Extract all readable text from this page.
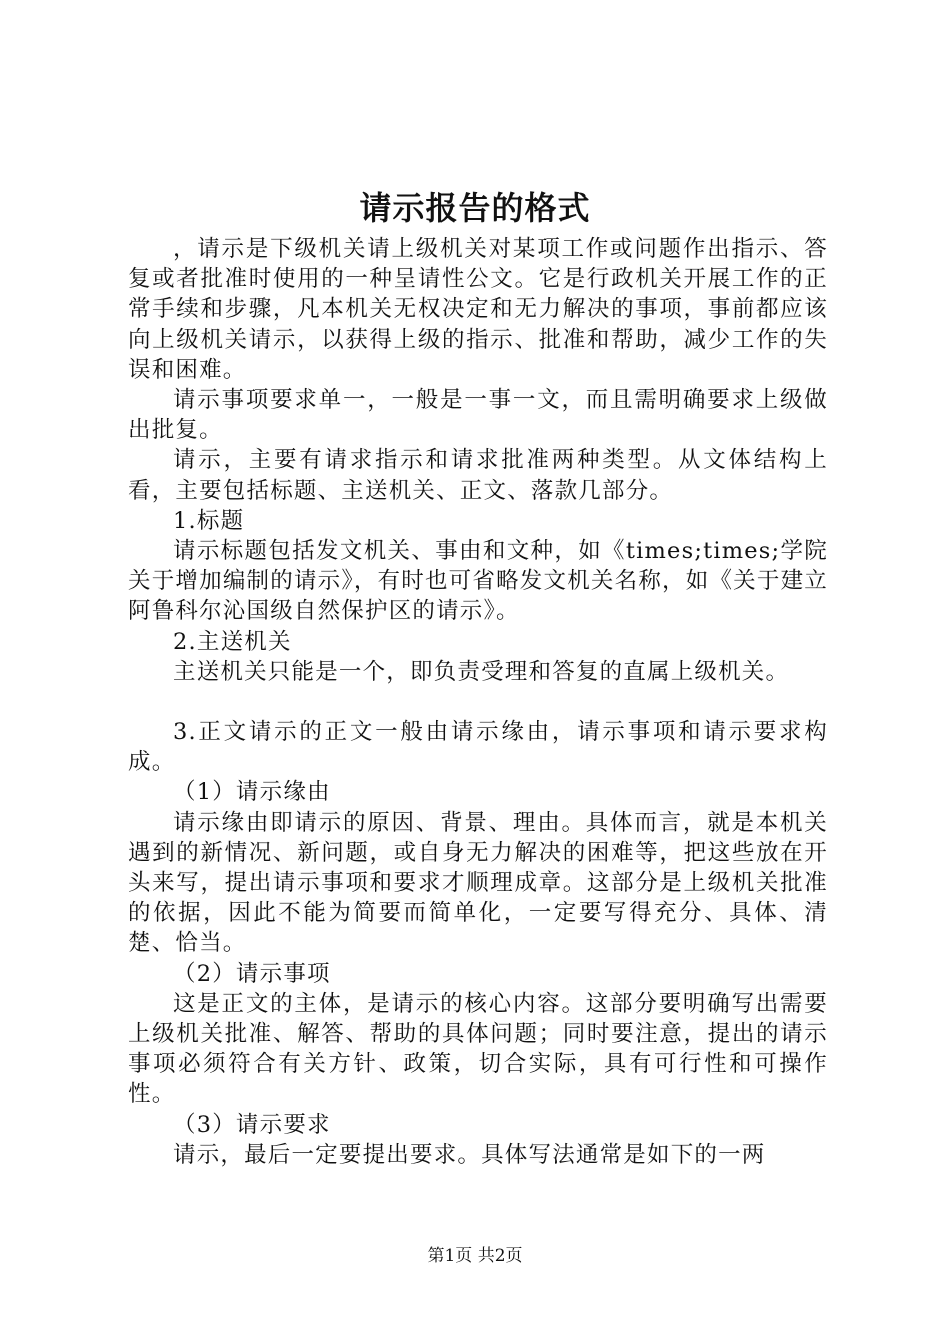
请示报告的格式

，请示是下级机关请上级机关对某项工作或问题作出指示、答复或者批准时使用的一种呈请性公文。它是行政机关开展工作的正常手续和步骤，凡本机关无权决定和无力解决的事项，事前都应该向上级机关请示，以获得上级的指示、批准和帮助，减少工作的失误和困难。

请示事项要求单一，一般是一事一文，而且需明确要求上级做出批复。

请示，主要有请求指示和请求批准两种类型。从文体结构上看，主要包括标题、主送机关、正文、落款几部分。

1.标题

请示标题包括发文机关、事由和文种，如《times;times;学院关于增加编制的请示》，有时也可省略发文机关名称，如《关于建立阿鲁科尔沁国级自然保护区的请示》。

2.主送机关

主送机关只能是一个，即负责受理和答复的直属上级机关。

3.正文请示的正文一般由请示缘由，请示事项和请示要求构成。

（1）请示缘由

请示缘由即请示的原因、背景、理由。具体而言，就是本机关遇到的新情况、新问题，或自身无力解决的困难等，把这些放在开头来写，提出请示事项和要求才顺理成章。这部分是上级机关批准的依据，因此不能为简要而简单化，一定要写得充分、具体、清楚、恰当。

（2）请示事项

这是正文的主体，是请示的核心内容。这部分要明确写出需要上级机关批准、解答、帮助的具体问题；同时要注意，提出的请示事项必须符合有关方针、政策，切合实际，具有可行性和可操作性。

（3）请示要求

请示，最后一定要提出要求。具体写法通常是如下的一两

第1页 共2页
